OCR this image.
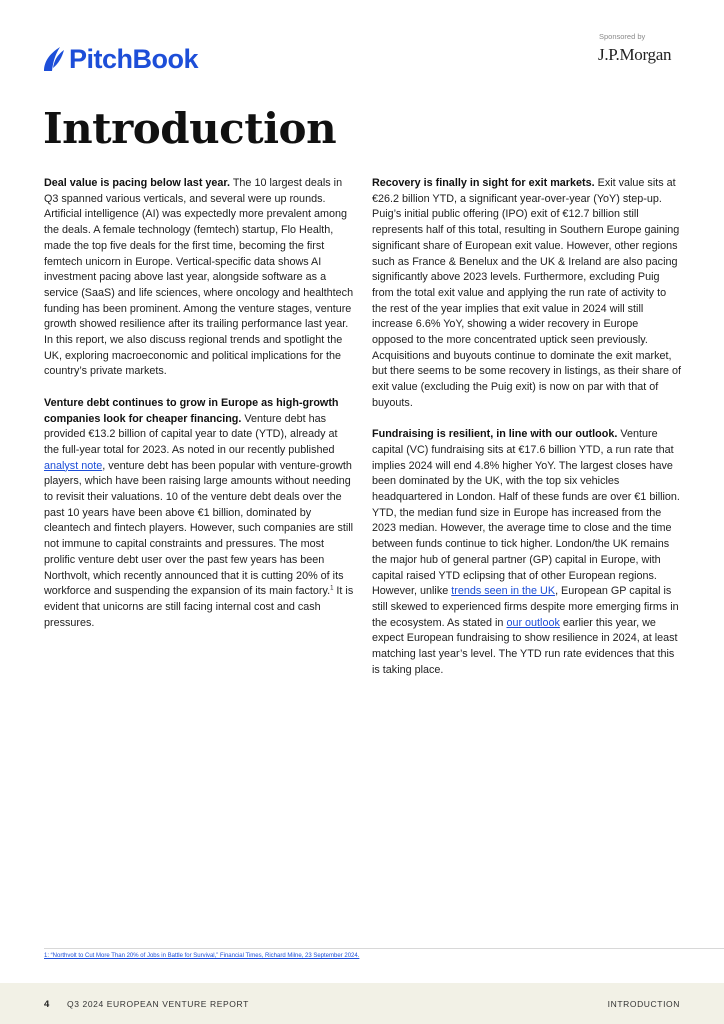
PitchBook
Sponsored by
J.P.Morgan
Introduction

Deal value is pacing below last year. The 10 largest deals in Q3 spanned various verticals, and several were up rounds. Artificial intelligence (AI) was expectedly more prevalent among the deals. A female technology (femtech) startup, Flo Health, made the top five deals for the first time, becoming the first femtech unicorn in Europe. Vertical-specific data shows AI investment pacing above last year, alongside software as a service (SaaS) and life sciences, where oncology and healthtech funding has been prominent. Among the venture stages, venture growth showed resilience after its trailing performance last year. In this report, we also discuss regional trends and spotlight the UK, exploring macroeconomic and political implications for the country’s private markets.

Venture debt continues to grow in Europe as high-growth companies look for cheaper financing. Venture debt has provided €13.2 billion of capital year to date (YTD), already at the full-year total for 2023. As noted in our recently published analyst note, venture debt has been popular with venture-growth players, which have been raising large amounts without needing to revisit their valuations. 10 of the venture debt deals over the past 10 years have been above €1 billion, dominated by cleantech and fintech players. However, such companies are still not immune to capital constraints and pressures. The most prolific venture debt user over the past few years has been Northvolt, which recently announced that it is cutting 20% of its workforce and suspending the expansion of its main factory.$^1$ It is evident that unicorns are still facing internal cost and cash pressures.

Recovery is finally in sight for exit markets. Exit value sits at €26.2 billion YTD, a significant year-over-year (YoY) step-up. Puig’s initial public offering (IPO) exit of €12.7 billion still represents half of this total, resulting in Southern Europe gaining significant share of European exit value. However, other regions such as France & Benelux and the UK & Ireland are also pacing significantly above 2023 levels. Furthermore, excluding Puig from the total exit value and applying the run rate of activity to the rest of the year implies that exit value in 2024 will still increase 6.6% YoY, showing a wider recovery in Europe opposed to the more concentrated uptick seen previously. Acquisitions and buyouts continue to dominate the exit market, but there seems to be some recovery in listings, as their share of exit value (excluding the Puig exit) is now on par with that of buyouts.

Fundraising is resilient, in line with our outlook. Venture capital (VC) fundraising sits at €17.6 billion YTD, a run rate that implies 2024 will end 4.8% higher YoY. The largest closes have been dominated by the UK, with the top six vehicles headquartered in London. Half of these funds are over €1 billion. YTD, the median fund size in Europe has increased from the 2023 median. However, the average time to close and the time between funds continue to tick higher. London/the UK remains the major hub of general partner (GP) capital in Europe, with capital raised YTD eclipsing that of other European regions. However, unlike trends seen in the UK, European GP capital is still skewed to experienced firms despite more emerging firms in the ecosystem. As stated in our outlook earlier this year, we expect European fundraising to show resilience in 2024, at least matching last year’s level. The YTD run rate evidences that this is taking place.

1: “Northvolt to Cut More Than 20% of Jobs in Battle for Survival,” Financial Times, Richard Milne, 23 September 2024.
4 Q3 2024 EUROPEAN VENTURE REPORT	INTRODUCTION
